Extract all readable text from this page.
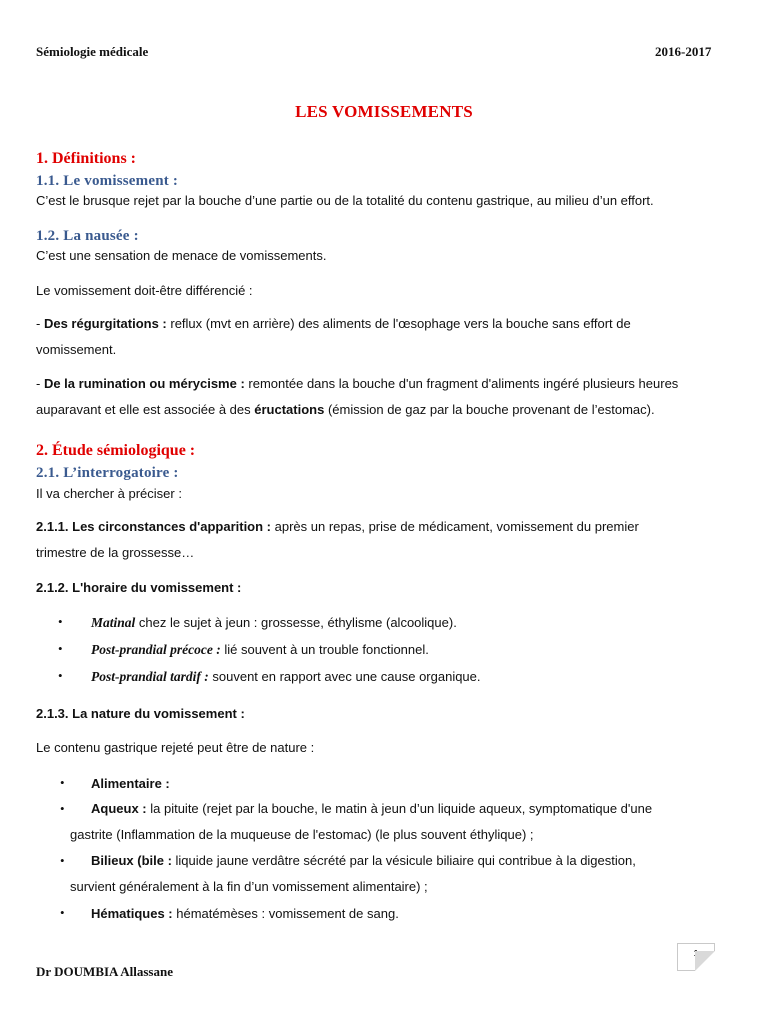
Sémiologie médicale	2016-2017
LES VOMISSEMENTS
1. Définitions :
1.1. Le vomissement :
C’est le brusque rejet par la bouche d’une partie ou de la totalité du contenu gastrique, au milieu d’un effort.
1.2. La nausée :
C’est une sensation de menace de vomissements.
Le vomissement doit-être différencié :
- Des régurgitations : reflux (mvt en arrière) des aliments de l'œsophage vers la bouche sans effort de
vomissement.
- De la rumination ou mérycisme : remontée dans la bouche d'un fragment d'aliments ingéré plusieurs heures
auparavant et elle est associée à des éructations (émission de gaz par la bouche provenant de l’estomac).
2. Étude sémiologique :
2.1. L’interrogatoire :
Il va chercher à préciser :
2.1.1. Les circonstances d'apparition : après un repas, prise de médicament, vomissement du premier
trimestre de la grossesse…
2.1.2. L'horaire du vomissement :
• Matinal chez le sujet à jeun : grossesse, éthylisme (alcoolique).
• Post-prandial précoce : lié souvent à un trouble fonctionnel.
• Post-prandial tardif : souvent en rapport avec une cause organique.
2.1.3. La nature du vomissement :
Le contenu gastrique rejeté peut être de nature :
• Alimentaire :
•	Aqueux : la pituite (rejet par la bouche, le matin à jeun d’un liquide aqueux, symptomatique d'une
gastrite (Inflammation de la muqueuse de l'estomac) (le plus souvent éthylique) ;
•	Bilieux (bile : liquide jaune verdâtre sécrété par la vésicule biliaire qui contribue à la digestion,
survient généralement à la fin d’un vomissement alimentaire) ;
• Hématiques : hématémèses : vomissement de sang.
1
Dr DOUMBIA Allassane
